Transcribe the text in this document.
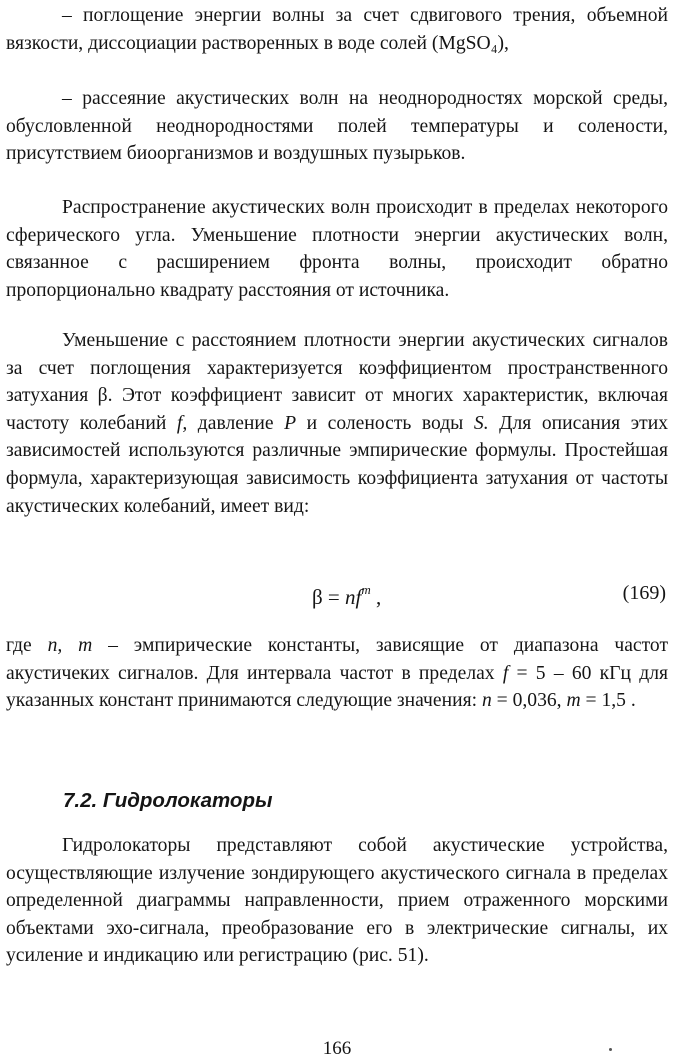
– поглощение энергии волны за счет сдвигового трения, объемной вязкости, диссоциации растворенных в воде солей (MgSO₄),

– рассеяние акустических волн на неоднородностях морской среды, обусловленной неоднородностями полей температуры и солености, присутствием биоорганизмов и воздушных пузырьков.

Распространение акустических волн происходит в пределах некоторого сферического угла. Уменьшение плотности энергии акустических волн, связанное с расширением фронта волны, происходит обратно пропорционально квадрату расстояния от источника.

Уменьшение с расстоянием плотности энергии акустических сигналов за счет поглощения характеризуется коэффициентом пространственного затухания β. Этот коэффициент зависит от многих характеристик, включая частоту колебаний f, давление P и соленость воды S. Для описания этих зависимостей используются различные эмпирические формулы. Простейшая формула, характеризующая зависимость коэффициента затухания от частоты акустических колебаний, имеет вид:

$\beta = nf^m$ ,	(169)

где n, m – эмпирические константы, зависящие от диапазона частот акустичеких сигналов. Для интервала частот в пределах f = 5 – 60 кГц для указанных констант принимаются следующие значения: n = 0,036, m = 1,5 .

7.2. Гидролокаторы

Гидролокаторы представляют собой акустические устройства, осуществляющие излучение зондирующего акустического сигнала в пределах определенной диаграммы направленности, прием отраженного морскими объектами эхо-сигнала, преобразование его в электрические сигналы, их усиление и индикацию или регистрацию (рис. 51).

166
